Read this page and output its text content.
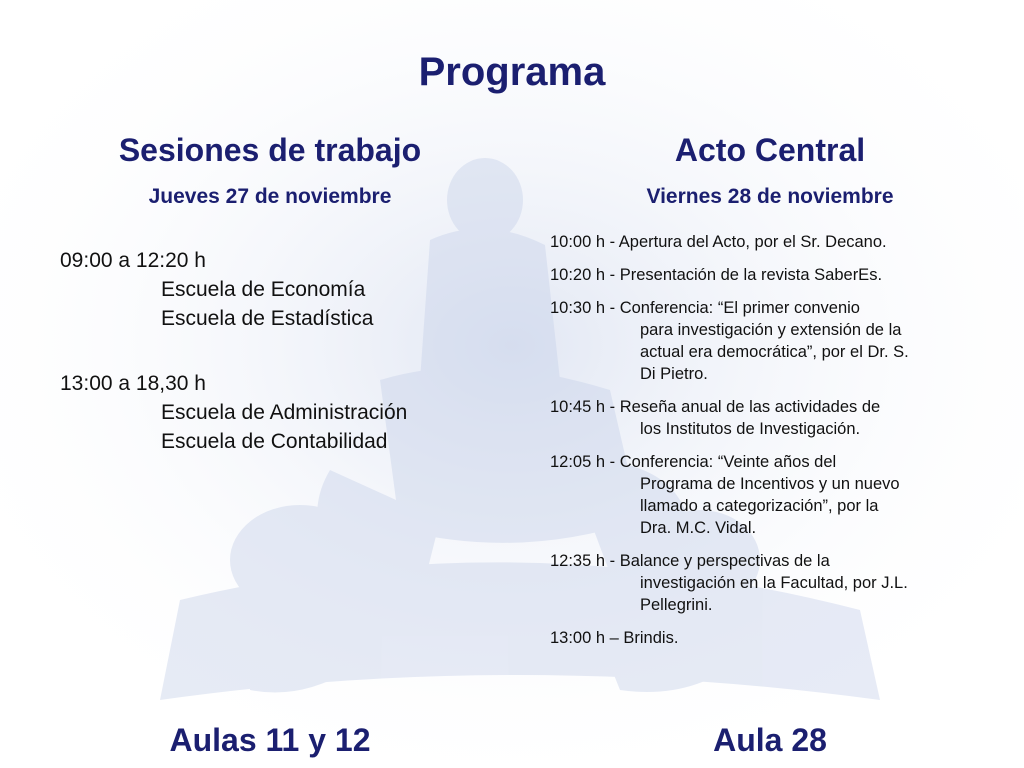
Programa
Sesiones de trabajo	Acto Central
Jueves 27 de noviembre	Viernes 28 de noviembre
09:00 a 12:20 h
Escuela de Economía
Escuela de Estadística
13:00 a 18,30 h
Escuela de Administración
Escuela de Contabilidad
10:00 h - Apertura del Acto, por el Sr. Decano.
10:20 h - Presentación de la revista SaberEs.
10:30 h - Conferencia: “El primer convenio
para investigación y extensión de la
actual era democrática”, por el Dr. S.
Di Pietro.
10:45 h - Reseña anual de las actividades de
los Institutos de Investigación.
12:05 h - Conferencia: “Veinte años del
Programa de Incentivos y un nuevo
llamado a categorización”, por la
Dra. M.C. Vidal.
12:35 h - Balance y perspectivas de la
investigación en la Facultad, por J.L.
Pellegrini.
13:00 h – Brindis.
Aulas 11 y 12	Aula 28
